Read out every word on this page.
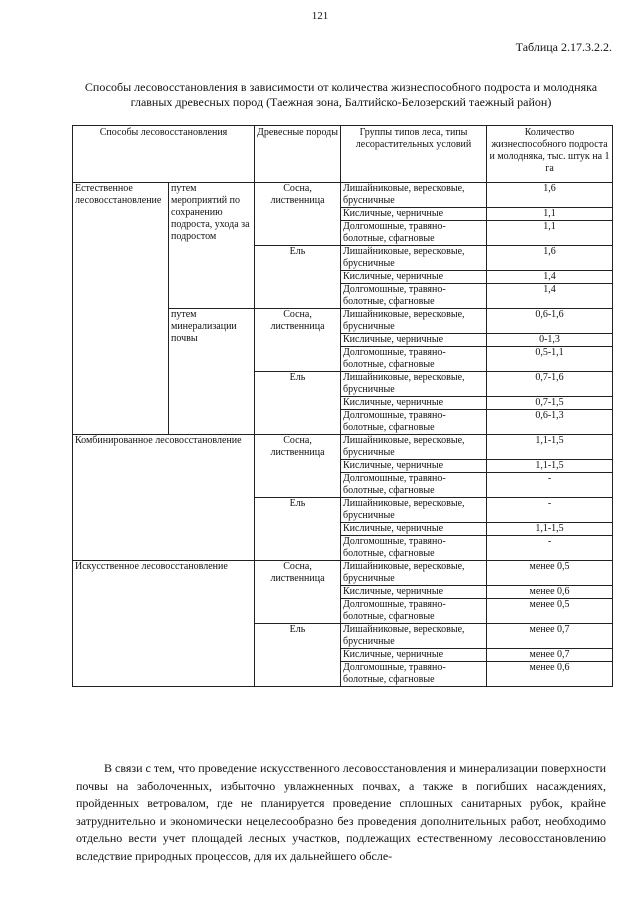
121
Таблица 2.17.3.2.2.
Способы лесовосстановления в зависимости от количества жизнеспособного подроста и молодняка главных древесных пород (Таежная зона, Балтийско-Белозерский таежный район)
Способы лесовосстановления		Древесные породы	Группы типов леса, типы лесорастительных условий	Количество жизнеспособного подроста и молодняка, тыс. штук на 1 га
Естественное лесовосстановление	путем мероприятий по сохранению подроста, ухода за подростом	Сосна, лиственница	Лишайниковые, вересковые, брусничные	1,6
			Кисличные, черничные	1,1
			Долгомошные, травяно-болотные, сфагновые	1,1
		Ель	Лишайниковые, вересковые, брусничные	1,6
			Кисличные, черничные	1,4
			Долгомошные, травяно-болотные, сфагновые	1,4
	путем минерализации почвы	Сосна, лиственница	Лишайниковые, вересковые, брусничные	0,6-1,6
			Кисличные, черничные	0-1,3
			Долгомошные, травяно-болотные, сфагновые	0,5-1,1
		Ель	Лишайниковые, вересковые, брусничные	0,7-1,6
			Кисличные, черничные	0,7-1,5
			Долгомошные, травяно-болотные, сфагновые	0,6-1,3
Комбинированное лесовосстановление		Сосна, лиственница	Лишайниковые, вересковые, брусничные	1,1-1,5
			Кисличные, черничные	1,1-1,5
			Долгомошные, травяно-болотные, сфагновые	-
		Ель	Лишайниковые, вересковые, брусничные	-
			Кисличные, черничные	1,1-1,5
			Долгомошные, травяно-болотные, сфагновые	-
Искусственное лесовосстановление		Сосна, лиственница	Лишайниковые, вересковые, брусничные	менее 0,5
			Кисличные, черничные	менее 0,6
			Долгомошные, травяно-болотные, сфагновые	менее 0,5
		Ель	Лишайниковые, вересковые, брусничные	менее 0,7
			Кисличные, черничные	менее 0,7
			Долгомошные, травяно-болотные, сфагновые	менее 0,6

В связи с тем, что проведение искусственного лесовосстановления и минерализации поверхности почвы на заболоченных, избыточно увлажненных почвах, а также в погибших насаждениях, пройденных ветровалом, где не планируется проведение сплошных санитарных рубок, крайне затруднительно и экономически нецелесообразно без проведения дополнительных работ, необходимо отдельно вести учет площадей лесных участков, подлежащих естественному лесовосстановлению вследствие природных процессов, для их дальнейшего обсле-
